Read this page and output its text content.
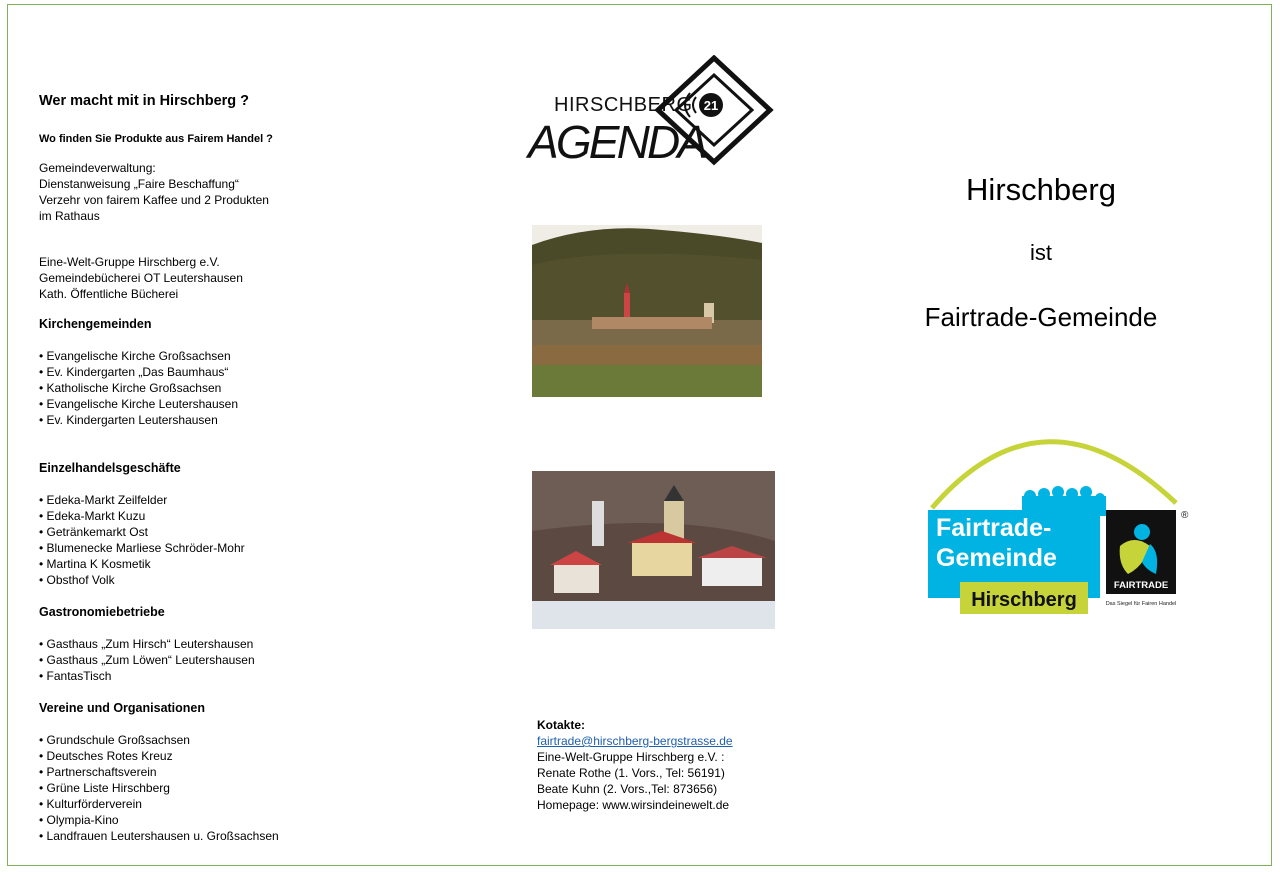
Wer macht mit in Hirschberg ?
Wo finden Sie Produkte aus Fairem Handel ?
Gemeindeverwaltung:
Dienstanweisung „Faire Beschaffung“
Verzehr von fairem Kaffee und 2 Produkten
im Rathaus
Eine-Welt-Gruppe Hirschberg e.V.
Gemeindebücherei OT Leutershausen
Kath. Öffentliche Bücherei
Kirchengemeinden
• Evangelische Kirche Großsachsen
• Ev. Kindergarten „Das Baumhaus“
• Katholische Kirche Großsachsen
• Evangelische Kirche Leutershausen
• Ev. Kindergarten Leutershausen
Einzelhandelsgeschäfte
• Edeka-Markt Zeilfelder
• Edeka-Markt Kuzu
• Getränkemarkt Ost
• Blumenecke Marliese Schröder-Mohr
• Martina K Kosmetik
• Obsthof Volk
Gastronomiebetriebe
• Gasthaus „Zum Hirsch“ Leutershausen
• Gasthaus „Zum Löwen“ Leutershausen
• FantasTisch
Vereine und Organisationen
• Grundschule Großsachsen
• Deutsches Rotes Kreuz
• Partnerschaftsverein
• Grüne Liste Hirschberg
• Kulturförderverein
• Olympia-Kino
• Landfrauen Leutershausen u. Großsachsen
21
HIRSCHBERG
AGENDA
Kotakte:
fairtrade@hirschberg-bergstrasse.de
Eine-Welt-Gruppe Hirschberg e.V. :
Renate Rothe (1. Vors., Tel: 56191)
Beate Kuhn (2. Vors.,Tel: 873656)
Homepage: www.wirsindeinewelt.de
Hirschberg
ist
Fairtrade-Gemeinde
Fairtrade-
Gemeinde
Hirschberg
FAIRTRADE
Das Siegel für Fairen Handel
®
